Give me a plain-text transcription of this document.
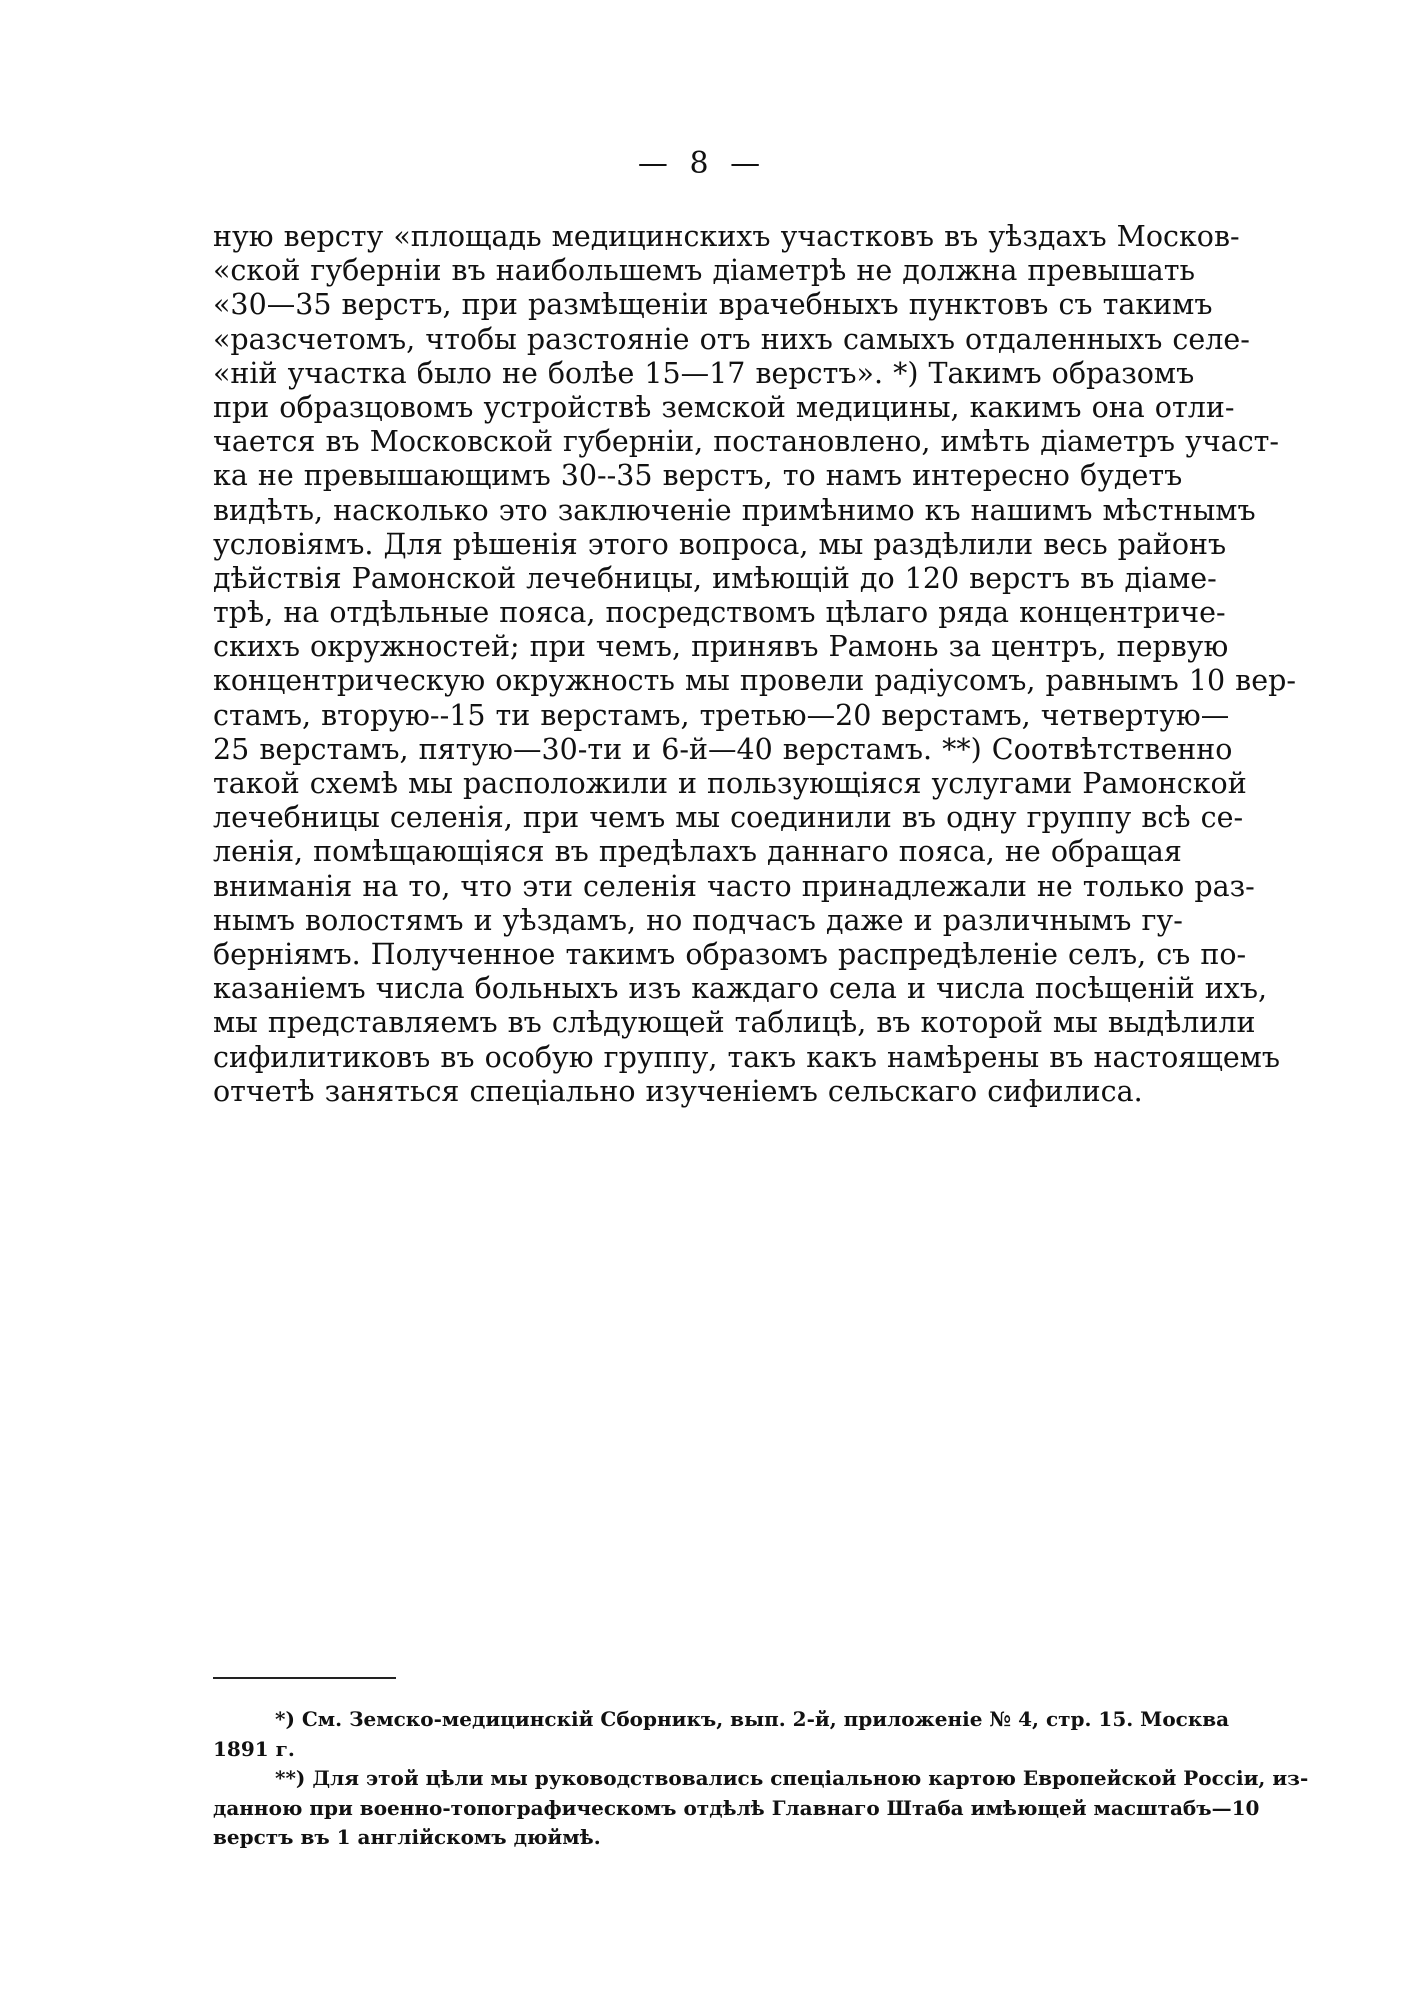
— 8 —
ную версту «площадь медицинскихъ участковъ въ уѣздахъ Москов-
«ской губерніи въ наибольшемъ діаметрѣ не должна превышать
«30—35 верстъ, при размѣщеніи врачебныхъ пунктовъ съ такимъ
«разсчетомъ, чтобы разстояніе отъ нихъ самыхъ отдаленныхъ селе-
«ній участка было не болѣе 15—17 верстъ». *) Такимъ образомъ
при образцовомъ устройствѣ земской медицины, какимъ она отли-
чается въ Московской губерніи, постановлено, имѣть діаметръ участ-
ка не превышающимъ 30--35 верстъ, то намъ интересно будетъ
видѣть, насколько это заключеніе примѣнимо къ нашимъ мѣстнымъ
условіямъ. Для рѣшенія этого вопроса, мы раздѣлили весь районъ
дѣйствія Рамонской лечебницы, имѣющій до 120 верстъ въ діаме-
трѣ, на отдѣльные пояса, посредствомъ цѣлаго ряда концентриче-
скихъ окружностей; при чемъ, принявъ Рамонь за центръ, первую
концентрическую окружность мы провели радіусомъ, равнымъ 10 вер-
стамъ, вторую--15 ти верстамъ, третью—20 верстамъ, четвертую—
25 верстамъ, пятую—30-ти и 6-й—40 верстамъ. **) Соотвѣтственно
такой схемѣ мы расположили и пользующіяся услугами Рамонской
лечебницы селенія, при чемъ мы соединили въ одну группу всѣ се-
ленія, помѣщающіяся въ предѣлахъ даннаго пояса, не обращая
вниманія на то, что эти селенія часто принадлежали не только раз-
нымъ волостямъ и уѣздамъ, но подчасъ даже и различнымъ гу-
берніямъ. Полученное такимъ образомъ распредѣленіе селъ, съ по-
казаніемъ числа больныхъ изъ каждаго села и числа посѣщеній ихъ,
мы представляемъ въ слѣдующей таблицѣ, въ которой мы выдѣлили
сифилитиковъ въ особую группу, такъ какъ намѣрены въ настоящемъ
отчетѣ заняться спеціально изученіемъ сельскаго сифилиса.
*) См. Земско-медицинскій Сборникъ, вып. 2-й, приложеніе № 4, стр. 15. Москва
1891 г.
**) Для этой цѣли мы руководствовались спеціальною картою Европейской Россіи, из-
данною при военно-топографическомъ отдѣлѣ Главнаго Штаба имѣющей масштабъ—10
верстъ въ 1 англійскомъ дюймѣ.
